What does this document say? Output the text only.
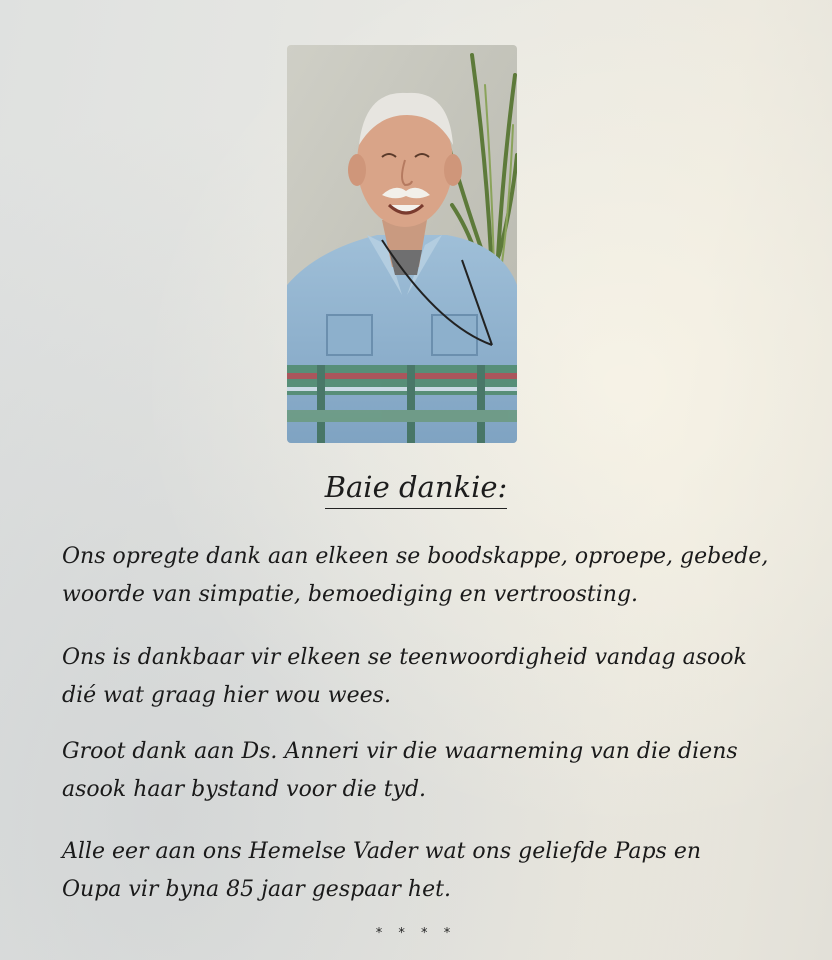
Baie dankie:

Ons opregte dank aan elkeen se boodskappe, oproepe, gebede,
woorde van simpatie, bemoediging en vertroosting.

Ons is dankbaar vir elkeen se teenwoordigheid vandag asook
dié wat graag hier wou wees.

Groot dank aan Ds. Anneri vir die waarneming van die diens
asook haar bystand voor die tyd.

Alle eer aan ons Hemelse Vader wat ons geliefde Paps en
Oupa vir byna 85 jaar gespaar het.

* * * *
